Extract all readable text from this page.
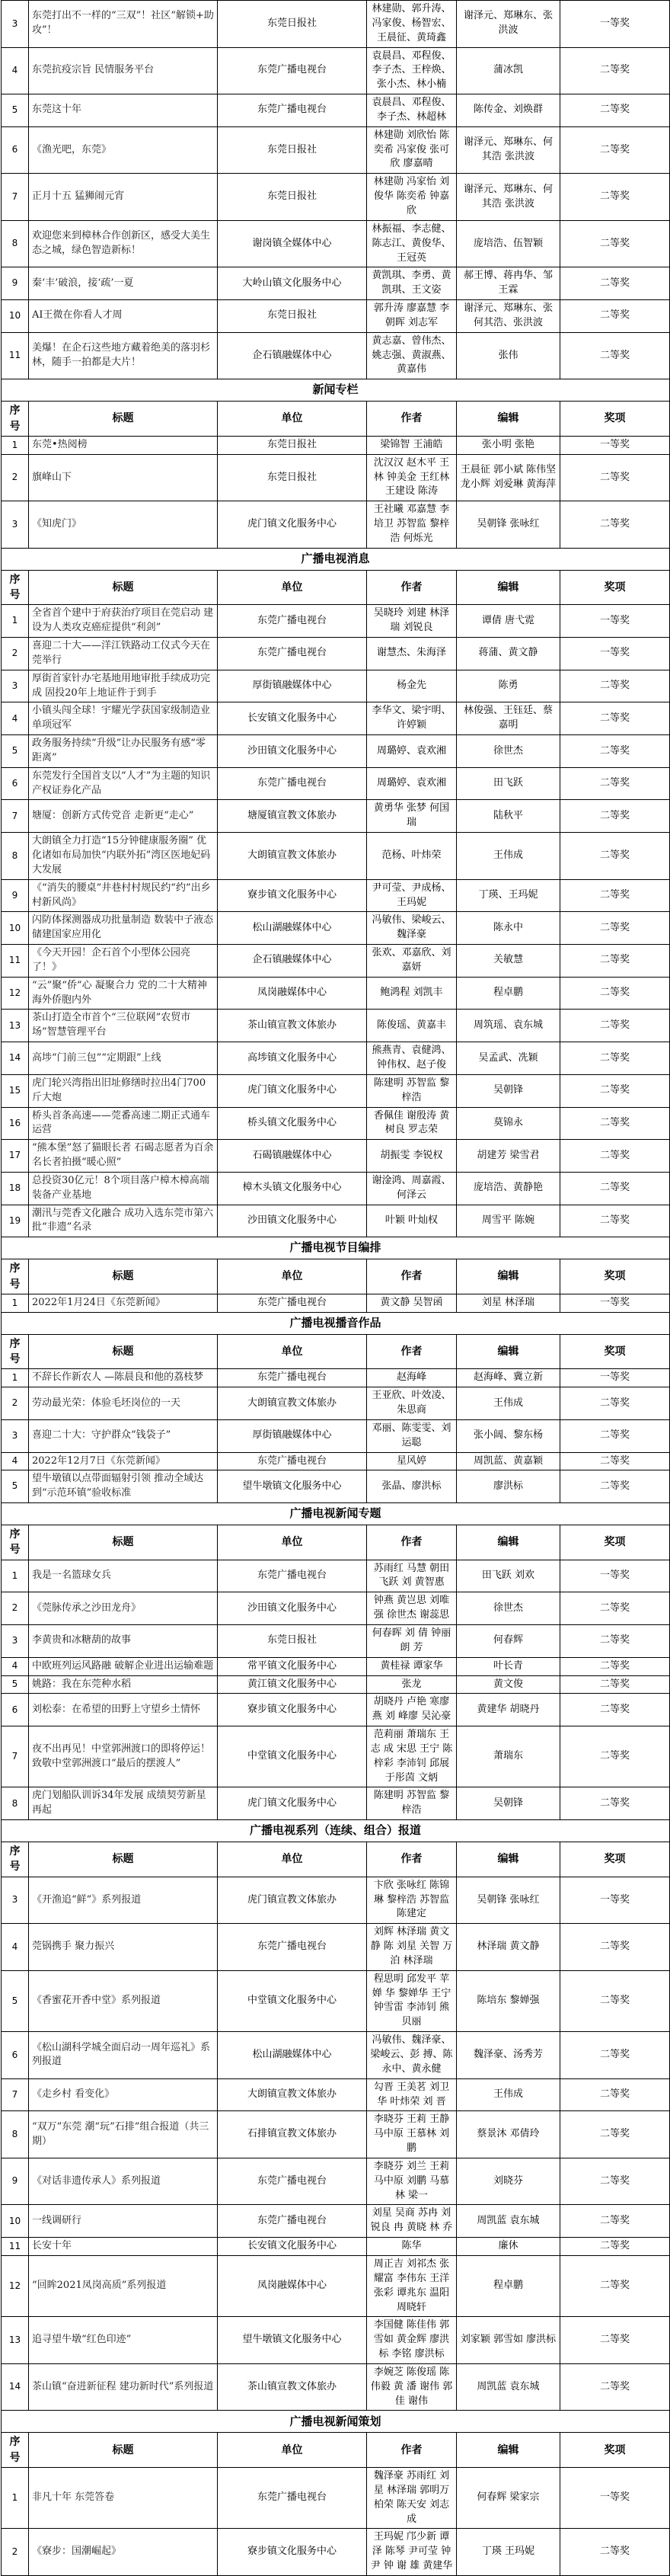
3	东莞打出不一样的“三双”！社区“解锁+助攻”！	东莞日报社	林建勋、郭升涛、冯家俊、杨智宏、王晨征、黄琦鑫	谢泽元、郑琳东、张洪波	一等奖
4	东莞抗疫宗旨 民情服务平台	东莞广播电视台	袁晨昌、邓程俊、李子杰、王梓焕、张小杰、林小楠	蒲冰凯	二等奖
5	东莞这十年	东莞广播电视台	袁晨昌、邓程俊、李子杰、林超林	陈传金、刘焕群	二等奖
6	《渔光吧，东莞》	东莞日报社	林建勋 刘欣怡 陈奕希 冯家俊 张可欣 廖嘉晴	谢泽元、郑琳东、何其浩 张洪波	二等奖
7	正月十五 猛狮闹元宵	东莞日报社	林建勋 冯家怡 刘俊华 陈奕希 钟嘉欣	谢泽元、郑琳东、何其浩 张洪波	二等奖
8	欢迎您来到樟林合作创新区，感受大美生态之城，绿色智造新标！	谢岗镇全媒体中心	林振福、李志健、陈志江、黄俊华、王冠英	庞培浩、伍智颖	二等奖
9	秦‘丰’破浪，接‘疏’一夏	大岭山镇文化服务中心	黄凯琪、李勇、黄凯琪、王文姿	郝王博、蒋冉华、邹王霖	二等奖
10	AI王微在你看人才周	东莞日报社	郭升涛 廖嘉慧 李朝晖 刘志军	谢泽元、郑琳东、张何其浩、张洪波	二等奖
11	美爆！在企石这些地方藏着绝美的落羽杉林，随手一拍都是大片！	企石镇融媒体中心	黄志嘉、曾伟杰、姚志强、黄淑燕、黄嘉伟	张伟	二等奖
新闻专栏					
序号	标题	单位	作者	编辑	奖项
1	东莞•热阅榜	东莞日报社	梁锦智 王浦皓	张小明 张艳	一等奖
2	旗峰山下	东莞日报社	沈汉汉 赵木平 王林 钟美金 王红林 王建设 陈涛	王晨征 郭小斌 陈伟坚 龙小辉 刘爱琳 黄海萍	二等奖
3	《知虎门》	虎门镇文化服务中心	王社曦 邓嘉慧 李培卫 苏智监 黎梓浩 何烁光	吴朝锋 张咏红	二等奖
广播电视消息					
序号	标题	单位	作者	编辑	奖项
1	全省首个建中于府获治疗项目在莞启动 建设为人类攻克癌症提供“利剑”	东莞广播电视台	吴晓玲 刘建 林泽瑞 刘锐良	谭倩 唐弋霓	一等奖
2	喜迎二十大——洋江铁路动工仪式今天在莞举行	东莞广播电视台	谢慧杰、朱海泽	蒋蒲、黄文静	一等奖
3	厚街首家针办宅基地用地审批手续成功完成 固投20年上地证件于到手	厚街镇融媒体中心	杨金先	陈勇	二等奖
4	小镇头闯全球！宇耀光学获国家级制造业单项冠军	长安镇文化服务中心	李华文、梁宇明、许婷颖	林俊强、王钰廷、蔡嘉明	二等奖
5	政务服务持续“升级”让办民服务有感“零距离”	沙田镇文化服务中心	周璐婷、袁欢湘	徐世杰	二等奖
6	东莞发行全国首支以“人才”为主题的知识产权证券化产品	东莞广播电视台	周璐婷、袁欢湘	田飞跃	二等奖
7	塘厦：创新方式传党音 走新更“走心”	塘厦镇宣教文体旅办	黄勇华 张梦 何国瑞	陆秋平	二等奖
8	大朗镇全力打造“15分钟健康服务圈” 优化诸如布局加快“内联外拓”湾区医地妃码大发展	大朗镇宣教文体旅办	范杨、叶炜荣	王伟成	二等奖
9	《“消失的腰桌”井巷村村规民约“约”出乡村新风尚》	寮步镇文化服务中心	尹可莹、尹成杨、王玛妮	丁瑛、王玛妮	二等奖
10	闪防体探测器成功批量制造 数装中子液态储建国家应用化	松山湖融媒体中心	冯敏伟、梁峻云、魏泽豪	陈永中	二等奖
11	《今天开园！企石首个小型体公园亮了！》	企石镇融媒体中心	张欢、邓嘉欣、刘嘉妍	关敏慧	二等奖
12	“云”聚“侨”心 凝聚合力 党的二十大精神海外侨胞内外	凤岗融媒体中心	鲍鸿程 刘凯丰	程卓鹏	二等奖
13	茶山打造全市首个“三位联网”农贸市场”智慧管理平台	茶山镇宣教文体旅办	陈俊瑶、黄嘉丰	周筑瑶、袁东城	二等奖
14	高埗“门前三包”“定期跟”上线	高埗镇文化服务中心	熊燕青、袁健鸿、钟伟权、赵子俊	吴孟武、冼颖	二等奖
15	虎门轮兴湾指出旧址修缮时拉出4门700斤大炮	虎门镇文化服务中心	陈建明 苏智监 黎梓浩	吴朝锋	二等奖
16	桥头首条高速——莞番高速二期正式通车运营	桥头镇文化服务中心	香佩佳 谢殷涛 黄树良 罗志荣	莫锦永	二等奖
17	“熊本堡”怒了猫眼长者 石碣志愿者为百余名长者拍摄“暖心照”	石碣镇融媒体中心	胡振雯 李锐权	胡建芳 梁雪君	二等奖
18	总投资30亿元！8个项目落户樟木樟高端装备产业基地	樟木头镇文化服务中心	谢淦鸿、周嘉霞、何泽云	庞培浩、黄静艳	二等奖
19	潮汛与莞香文化融合 成功入选东莞市第六批“非遗”名录	沙田镇文化服务中心	叶颖 叶灿权	周雪平 陈婉	二等奖
广播电视节目编排					
序号	标题	单位	作者	编辑	奖项
1	2022年1月24日《东莞新闻》	东莞广播电视台	黄文静 吴智函	刘星 林泽瑞	一等奖
广播电视播音作品					
序号	标题	单位	作者	编辑	奖项
1	不辞长作新农人 —陈晨良和他的荔枝梦	东莞广播电视台	赵海峰	赵海峰、冀立新	一等奖
2	劳动最光荣：体验毛坯岗位的一天	大朗镇宣教文体旅办	王亚欣、叶效凌、朱思商	王伟成	二等奖
3	喜迎二十大：守护群众“钱袋子”	厚街镇融媒体中心	邓丽、陈雯雯、刘运聪	张小阔、黎东杨	二等奖
4	2022年12月7日《东莞新闻》	东莞广播电视台	星风婷	周凯蓝、黄嘉颖	二等奖
5	望牛墩镇以点带面辐射引领 推动全域达到“示范环镇”验收标准	望牛墩镇文化服务中心	张晶、廖洪标	廖洪标	二等奖
广播电视新闻专题					
序号	标题	单位	作者	编辑	奖项
1	我是一名篮球女兵	东莞广播电视台	苏雨红 马慧 朝田飞跃 刘 黄智惠	田飞跃 刘欢	一等奖
2	《莞脉传承之沙田龙舟》	沙田镇文化服务中心	钟燕 黄岂思 刘唯 强 徐世杰 谢蕊思	徐世杰	二等奖
3	李黄贵和冰糖葫的故事	东莞日报社	何春晖 刘 倩 钟丽 朗 芳	何春辉	二等奖
4	中欧班列运风路融 破解企业进出运输难题	常平镇文化服务中心	黄桂禄 谭家华	叶长青	二等奖
5	姚路：我在东莞种水稻	黄江镇文化服务中心	张龙	黄文俊	二等奖
6	刘松泰：在希望的田野上守望乡土情怀	寮步镇文化服务中心	胡晓丹 卢艳 寒廖 燕 刘 峰廖 吴沁豪	黄建华 胡晓丹	二等奖
7	夜不出再见！中堂郭洲渡口的即将停运！致敬中堂郭洲渡口“最后的摆渡人”	中堂镇文化服务中心	范莉丽 萧瑞东 王志 成 宋思 王宁 陈梓彩 李沛钊 邱展 于彤茵 文炳	萧瑞东	二等奖
8	虎门划船队训诉34年发展 成绩契劳新星再起	虎门镇文化服务中心	陈建明 苏智监 黎梓浩	吴朝锋	二等奖
广播电视系列（连续、组合）报道					
序号	标题	单位	作者	编辑	奖项
3	《开渔追“鲜”》系列报道	虎门镇宣教文体旅办	卞欣 张咏红 陈锦琳 黎梓浩 苏智监 陈建定	吴朝锋 张咏红	一等奖
4	莞锅携手 聚力振兴	东莞广播电视台	刘辉 林泽瑞 黄文静 陈 刘星 关智 万泊 林泽瑞	林泽瑞 黄文静	二等奖
5	《香蜜花开香中堂》系列报道	中堂镇文化服务中心	程思明 邱发平 苹婵 华 黎婵华 王宁 钟雪雷 李沛钊 熊贝丽	陈培东 黎婵强	二等奖
6	《松山湖科学城全面启动一周年巡礼》系列报道	松山湖融媒体中心	冯敏伟、魏泽豪、梁峻云、彭 搏、陈永中、黄永健	魏泽豪、汤秀芳	二等奖
7	《走乡村 看变化》	大朗镇宣教文体旅办	勾晋 王美茗 刘卫华 叶炜荣 刘 晋	王伟成	二等奖
8	“双万”东莞 潮“玩”石排”组合报道（共三期）	石排镇宣教文体旅办	李晓芬 王莉 王静 马中原 王慕林 刘鹏	蔡景沐 邓倩玲	二等奖
9	《对话非遗传承人》系列报道	东莞广播电视台	李晓芬 刘兰 王莉 马中原 刘鹏 马慕林 梁一	刘晓芬	二等奖
10	一线调研行	东莞广播电视台	刘星 吴商 苏冉 刘 锐良 冉 黄晓 林 乔	周凯蓝 袁东城	二等奖
11	长安十年	长安镇文化服务中心	陈华	廉休	二等奖
12	“回眸2021凤岗高质”系列报道	凤岗融媒体中心	周正吉 刘祁杰 张耀富 李伟东 王洋 张彩 谭兆东 温阳 周晓轩	程卓鹏	二等奖
13	追寻望牛墩“红色印迹”	望牛墩镇文化服务中心	李国健 陈佳伟 郭雪如 黄金辉 廖洪标 李铭 廖洪标	刘家颖 郭雪如 廖洪标	二等奖
14	茶山镇“奋进新征程 建功新时代”系列报道	茶山镇宣教文体旅办	李婉芝 陈俊瑶 陈伟毅 黄 潘 谢伟 郭佳 谢伟	周凯蓝 袁东城	二等奖
广播电视新闻策划					
序号	标题	单位	作者	编辑	奖项
1	非凡十年 东莞答卷	东莞广播电视台	魏泽豪 苏雨红 刘星 林泽瑞 郭明万柏荣 陈天安 刘志成	何春辉 梁家宗	一等奖
2	《寮步：国潮崛起》	寮步镇文化服务中心	王玛妮 邝少新 谭泽 陈琴 尹可莹 钟 尹 钟 谢 雄 黄建华	丁瑛 王玛妮	二等奖
